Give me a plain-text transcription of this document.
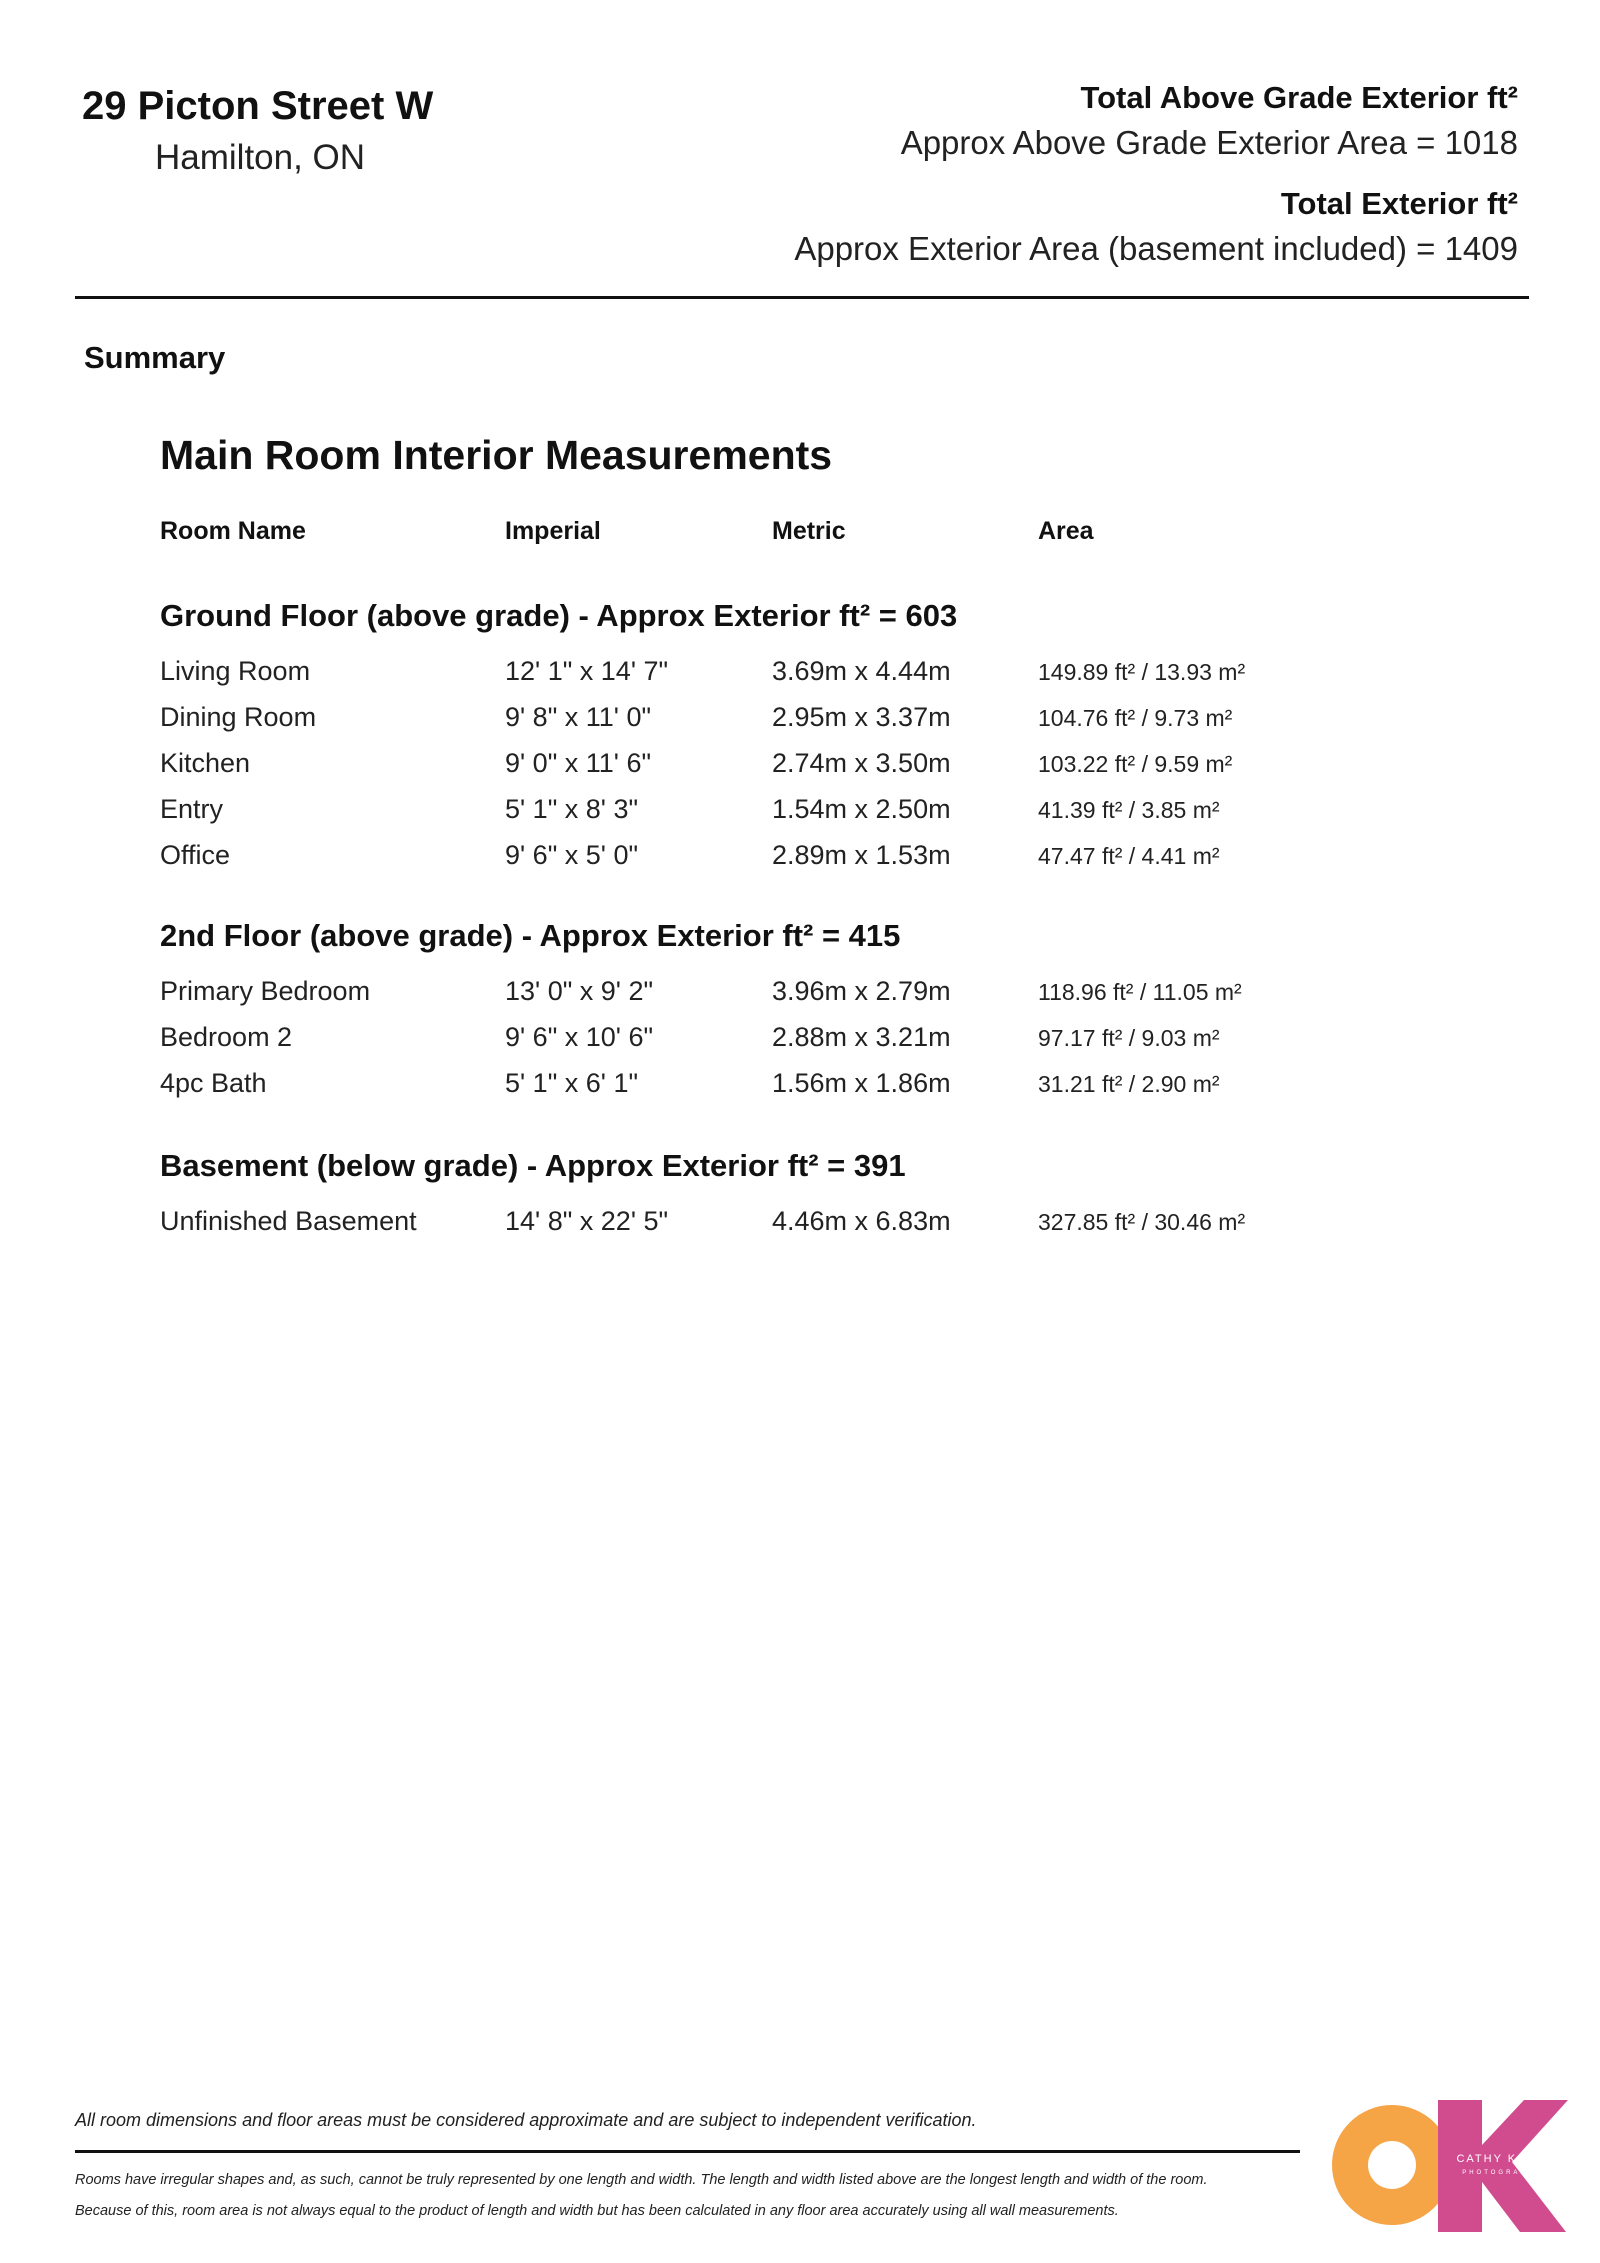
29 Picton Street W
Hamilton, ON
Total Above Grade Exterior ft²
Approx Above Grade Exterior Area = 1018
Total Exterior ft²
Approx Exterior Area (basement included) = 1409
Summary
Main Room Interior Measurements
Room Name	Imperial	Metric	Area
Ground Floor (above grade) - Approx Exterior ft² = 603
Living Room	12' 1" x 14' 7"	3.69m x 4.44m	149.89 ft² / 13.93 m²
Dining Room	9' 8" x 11' 0"	2.95m x 3.37m	104.76 ft² / 9.73 m²
Kitchen	9' 0" x 11' 6"	2.74m x 3.50m	103.22 ft² / 9.59 m²
Entry	5' 1" x 8' 3"	1.54m x 2.50m	41.39 ft² / 3.85 m²
Office	9' 6" x 5' 0"	2.89m x 1.53m	47.47 ft² / 4.41 m²
2nd Floor (above grade) - Approx Exterior ft² = 415
Primary Bedroom	13' 0" x 9' 2"	3.96m x 2.79m	118.96 ft² / 11.05 m²
Bedroom 2	9' 6" x 10' 6"	2.88m x 3.21m	97.17 ft² / 9.03 m²
4pc Bath	5' 1" x 6' 1"	1.56m x 1.86m	31.21 ft² / 2.90 m²
Basement (below grade) - Approx Exterior ft² = 391
Unfinished Basement	14' 8" x 22' 5"	4.46m x 6.83m	327.85 ft² / 30.46 m²
All room dimensions and floor areas must be considered approximate and are subject to independent verification.
Rooms have irregular shapes and, as such, cannot be truly represented by one length and width. The length and width listed above are the longest length and width of the room.
Because of this, room area is not always equal to the product of length and width but has been calculated in any floor area accurately using all wall measurements.
CATHY KOOP
PHOTOGRAPHY
